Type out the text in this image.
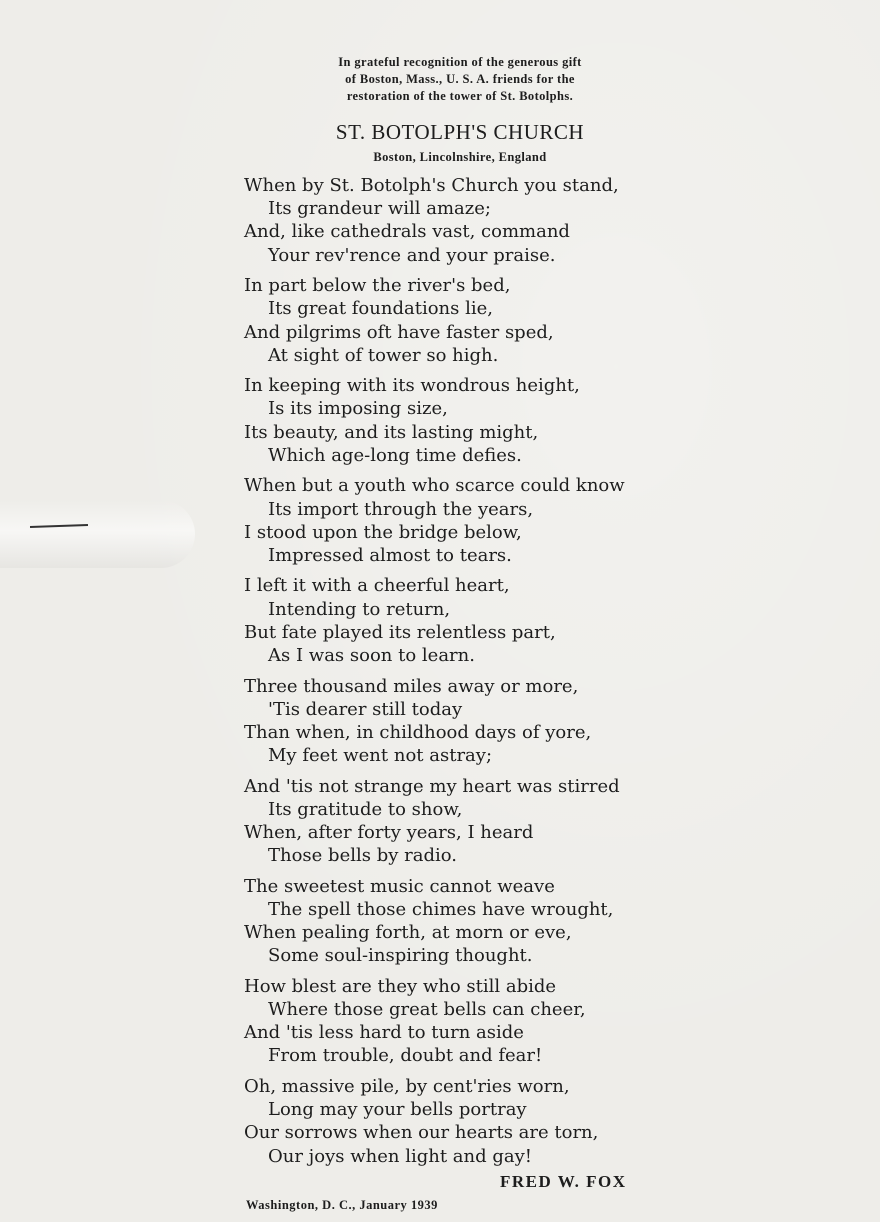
In grateful recognition of the generous gift
of Boston, Mass., U. S. A. friends for the
restoration of the tower of St. Botolphs.
ST. BOTOLPH'S CHURCH
Boston, Lincolnshire, England
When by St. Botolph's Church you stand,
Its grandeur will amaze;
And, like cathedrals vast, command
Your rev'rence and your praise.
In part below the river's bed,
Its great foundations lie,
And pilgrims oft have faster sped,
At sight of tower so high.
In keeping with its wondrous height,
Is its imposing size,
Its beauty, and its lasting might,
Which age-long time defies.
When but a youth who scarce could know
Its import through the years,
I stood upon the bridge below,
Impressed almost to tears.
I left it with a cheerful heart,
Intending to return,
But fate played its relentless part,
As I was soon to learn.
Three thousand miles away or more,
'Tis dearer still today
Than when, in childhood days of yore,
My feet went not astray;
And 'tis not strange my heart was stirred
Its gratitude to show,
When, after forty years, I heard
Those bells by radio.
The sweetest music cannot weave
The spell those chimes have wrought,
When pealing forth, at morn or eve,
Some soul-inspiring thought.
How blest are they who still abide
Where those great bells can cheer,
And 'tis less hard to turn aside
From trouble, doubt and fear!
Oh, massive pile, by cent'ries worn,
Long may your bells portray
Our sorrows when our hearts are torn,
Our joys when light and gay!
FRED W. FOX
Washington, D. C., January 1939
